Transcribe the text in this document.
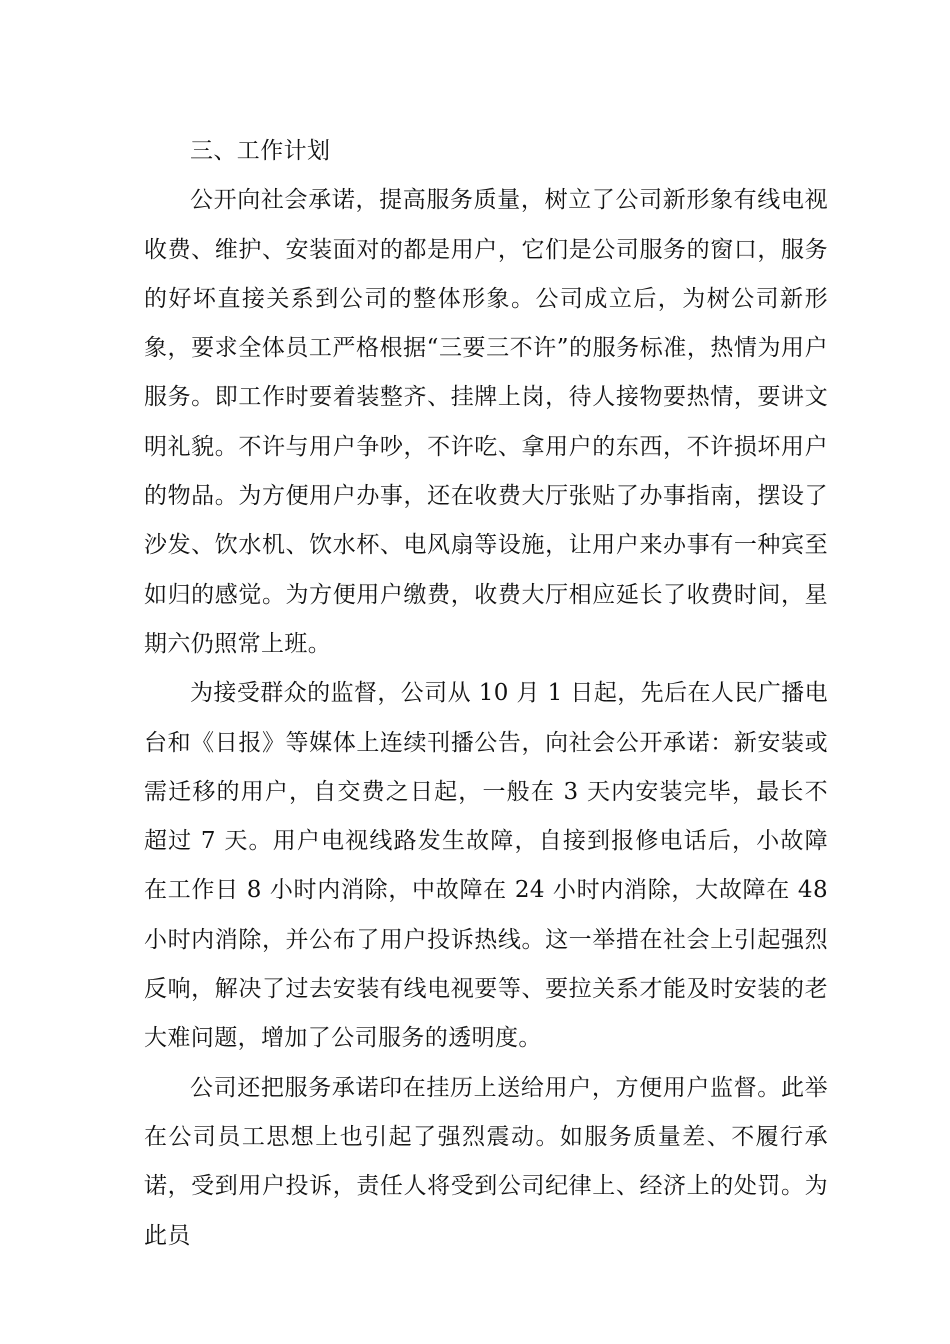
三、工作计划

公开向社会承诺，提高服务质量，树立了公司新形象有线电视收费、维护、安装面对的都是用户，它们是公司服务的窗口，服务的好坏直接关系到公司的整体形象。公司成立后，为树公司新形象，要求全体员工严格根据“三要三不许”的服务标准，热情为用户服务。即工作时要着装整齐、挂牌上岗，待人接物要热情，要讲文明礼貌。不许与用户争吵，不许吃、拿用户的东西，不许损坏用户的物品。为方便用户办事，还在收费大厅张贴了办事指南，摆设了沙发、饮水机、饮水杯、电风扇等设施，让用户来办事有一种宾至如归的感觉。为方便用户缴费，收费大厅相应延长了收费时间，星期六仍照常上班。

为接受群众的监督，公司从 10 月 1 日起，先后在人民广播电台和《日报》等媒体上连续刊播公告，向社会公开承诺：新安装或需迁移的用户，自交费之日起，一般在 3 天内安装完毕，最长不超过 7 天。用户电视线路发生故障，自接到报修电话后，小故障在工作日 8 小时内消除，中故障在 24 小时内消除，大故障在 48 小时内消除，并公布了用户投诉热线。这一举措在社会上引起强烈反响，解决了过去安装有线电视要等、要拉关系才能及时安装的老大难问题，增加了公司服务的透明度。

公司还把服务承诺印在挂历上送给用户，方便用户监督。此举在公司员工思想上也引起了强烈震动。如服务质量差、不履行承诺，受到用户投诉，责任人将受到公司纪律上、经济上的处罚。为此员
